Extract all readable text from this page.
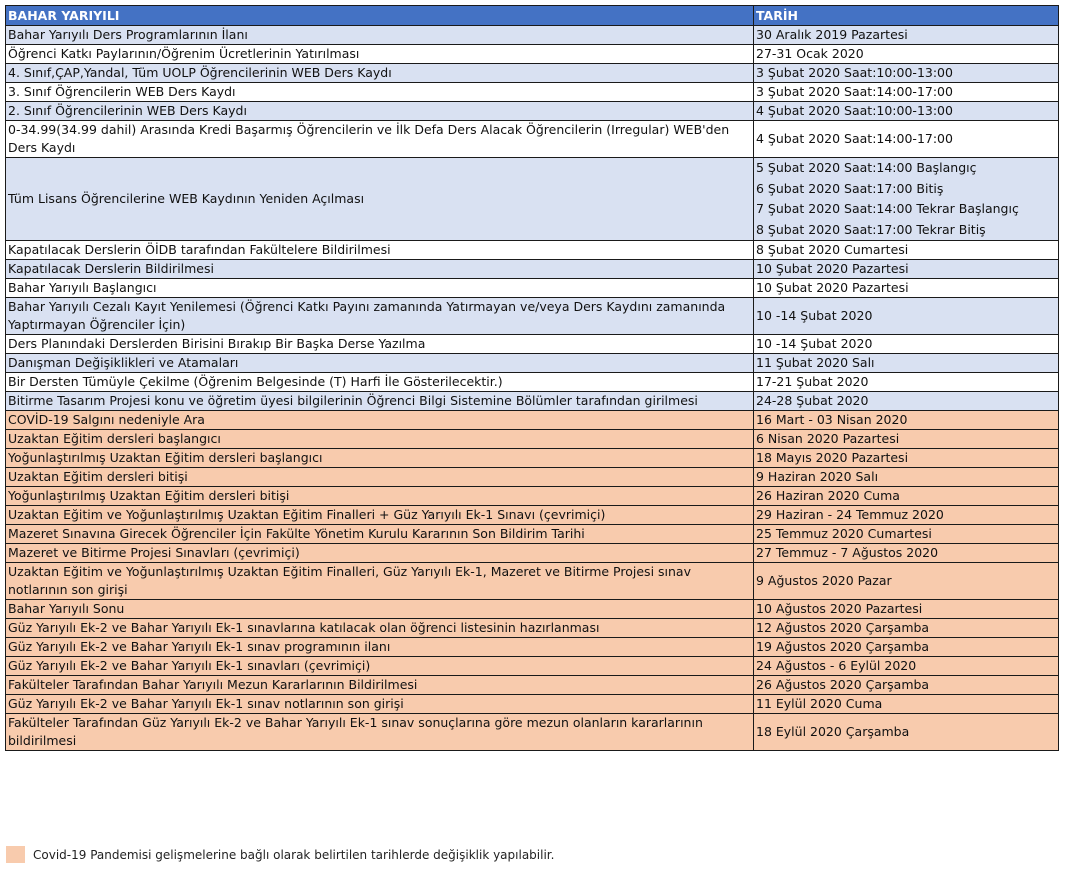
BAHAR YARIYILI	TARİH
Bahar Yarıyılı Ders Programlarının İlanı	30 Aralık 2019 Pazartesi
Öğrenci Katkı Paylarının/Öğrenim Ücretlerinin Yatırılması	27-31 Ocak 2020
4. Sınıf,ÇAP,Yandal, Tüm UOLP Öğrencilerinin WEB Ders Kaydı	3 Şubat 2020 Saat:10:00-13:00
3. Sınıf Öğrencilerin WEB Ders Kaydı	3 Şubat 2020 Saat:14:00-17:00
2. Sınıf Öğrencilerinin WEB Ders Kaydı	4 Şubat 2020 Saat:10:00-13:00
0-34.99(34.99 dahil) Arasında Kredi Başarmış Öğrencilerin ve İlk Defa Ders Alacak Öğrencilerin (Irregular) WEB'den Ders Kaydı	4 Şubat 2020 Saat:14:00-17:00
Tüm Lisans Öğrencilerine WEB Kaydının Yeniden Açılması	5 Şubat 2020 Saat:14:00 Başlangıç
6 Şubat 2020 Saat:17:00 Bitiş
7 Şubat 2020 Saat:14:00 Tekrar Başlangıç
8 Şubat 2020 Saat:17:00 Tekrar Bitiş

Kapatılacak Derslerin ÖİDB tarafından Fakültelere Bildirilmesi	8 Şubat 2020 Cumartesi
Kapatılacak Derslerin Bildirilmesi	10 Şubat 2020 Pazartesi
Bahar Yarıyılı Başlangıcı	10 Şubat 2020 Pazartesi
Bahar Yarıyılı Cezalı Kayıt Yenilemesi (Öğrenci Katkı Payını zamanında Yatırmayan ve/veya Ders Kaydını zamanında Yaptırmayan Öğrenciler İçin)	10 -14 Şubat 2020
Ders Planındaki Derslerden Birisini Bırakıp Bir Başka Derse Yazılma	10 -14 Şubat 2020
Danışman Değişiklikleri ve Atamaları	11 Şubat 2020 Salı
Bir Dersten Tümüyle Çekilme (Öğrenim Belgesinde (T) Harfi İle Gösterilecektir.)	17-21 Şubat 2020
Bitirme Tasarım Projesi konu ve öğretim üyesi bilgilerinin Öğrenci Bilgi Sistemine Bölümler tarafından girilmesi	24-28 Şubat 2020
COVİD-19 Salgını nedeniyle Ara	16 Mart - 03 Nisan 2020
Uzaktan Eğitim dersleri başlangıcı	6 Nisan 2020 Pazartesi
Yoğunlaştırılmış Uzaktan Eğitim dersleri başlangıcı	18 Mayıs 2020 Pazartesi
Uzaktan Eğitim dersleri bitişi	9 Haziran 2020 Salı
Yoğunlaştırılmış Uzaktan Eğitim dersleri bitişi	26 Haziran 2020 Cuma
Uzaktan Eğitim ve Yoğunlaştırılmış Uzaktan Eğitim Finalleri + Güz Yarıyılı Ek-1 Sınavı (çevrimiçi)	29 Haziran - 24 Temmuz 2020
Mazeret Sınavına Girecek Öğrenciler İçin Fakülte Yönetim Kurulu Kararının Son Bildirim Tarihi	25 Temmuz 2020 Cumartesi
Mazeret ve Bitirme Projesi Sınavları (çevrimiçi)	27 Temmuz - 7 Ağustos 2020
Uzaktan Eğitim ve Yoğunlaştırılmış Uzaktan Eğitim Finalleri, Güz Yarıyılı Ek-1, Mazeret ve Bitirme Projesi sınav notlarının son girişi	9 Ağustos 2020 Pazar
Bahar Yarıyılı Sonu	10 Ağustos 2020 Pazartesi
Güz Yarıyılı Ek-2 ve Bahar Yarıyılı Ek-1 sınavlarına katılacak olan öğrenci listesinin hazırlanması	12 Ağustos 2020 Çarşamba
Güz Yarıyılı Ek-2 ve Bahar Yarıyılı Ek-1 sınav programının ilanı	19 Ağustos 2020 Çarşamba
Güz Yarıyılı Ek-2 ve Bahar Yarıyılı Ek-1 sınavları (çevrimiçi)	24 Ağustos - 6 Eylül 2020
Fakülteler Tarafından Bahar Yarıyılı Mezun Kararlarının Bildirilmesi	26 Ağustos 2020 Çarşamba
Güz Yarıyılı Ek-2 ve Bahar Yarıyılı Ek-1 sınav notlarının son girişi	11 Eylül 2020 Cuma
Fakülteler Tarafından Güz Yarıyılı Ek-2 ve Bahar Yarıyılı Ek-1 sınav sonuçlarına göre mezun olanların kararlarının bildirilmesi	18 Eylül 2020 Çarşamba
Covid-19 Pandemisi gelişmelerine bağlı olarak belirtilen tarihlerde değişiklik yapılabilir.
